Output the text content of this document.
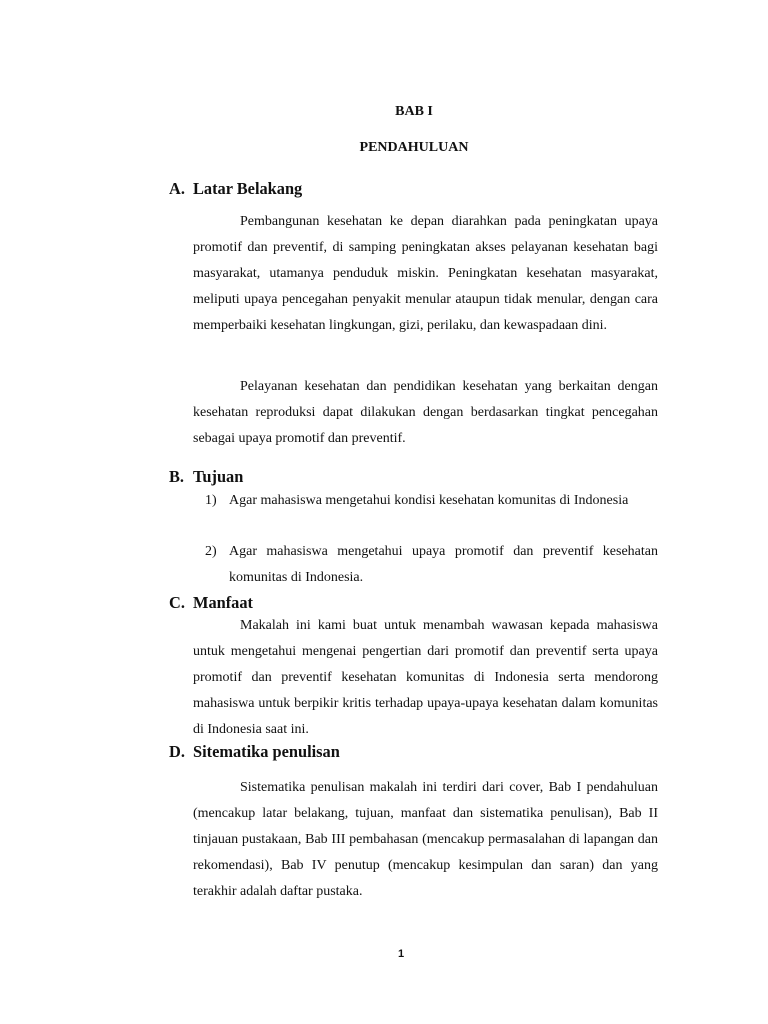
BAB I
PENDAHULUAN
A. Latar Belakang

Pembangunan kesehatan ke depan diarahkan pada peningkatan upaya promotif dan preventif, di samping peningkatan akses pelayanan kesehatan bagi masyarakat, utamanya penduduk miskin. Peningkatan kesehatan masyarakat, meliputi upaya pencegahan penyakit menular ataupun tidak menular, dengan cara memperbaiki kesehatan lingkungan, gizi, perilaku, dan kewaspadaan dini.

Pelayanan kesehatan dan pendidikan kesehatan yang berkaitan dengan kesehatan reproduksi dapat dilakukan dengan berdasarkan tingkat pencegahan sebagai upaya promotif dan preventif.

B. Tujuan
1) Agar mahasiswa mengetahui kondisi kesehatan komunitas di Indonesia
2) Agar mahasiswa mengetahui upaya promotif dan preventif kesehatan komunitas di Indonesia.
C. Manfaat

Makalah ini kami buat untuk menambah wawasan kepada mahasiswa untuk mengetahui mengenai pengertian dari promotif dan preventif serta upaya promotif dan preventif kesehatan komunitas di Indonesia serta mendorong mahasiswa untuk berpikir kritis terhadap upaya-upaya kesehatan dalam komunitas di Indonesia saat ini.

D. Sitematika penulisan

Sistematika penulisan makalah ini terdiri dari cover, Bab I pendahuluan (mencakup latar belakang, tujuan, manfaat dan sistematika penulisan), Bab II tinjauan pustakaan, Bab III pembahasan (mencakup permasalahan di lapangan dan rekomendasi), Bab IV penutup (mencakup kesimpulan dan saran) dan yang terakhir adalah daftar pustaka.

1
